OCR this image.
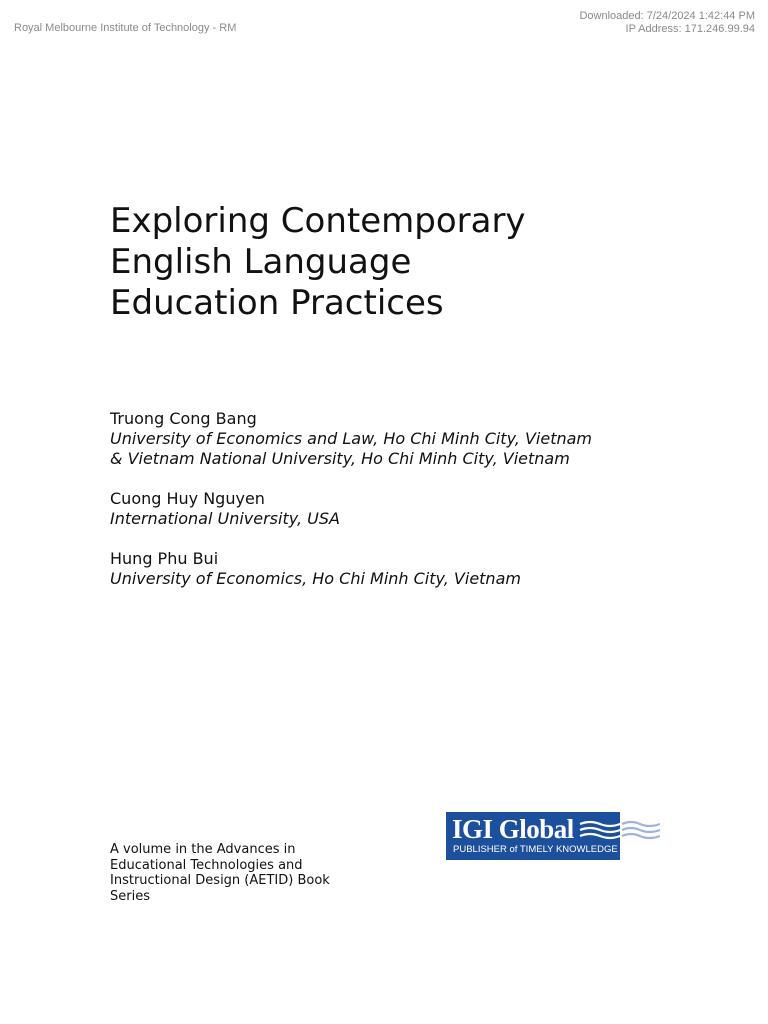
Royal Melbourne Institute of Technology - RM
Downloaded: 7/24/2024 1:42:44 PM
IP Address: 171.246.99.94
Exploring Contemporary
English Language
Education Practices
Truong Cong Bang
University of Economics and Law, Ho Chi Minh City, Vietnam
& Vietnam National University, Ho Chi Minh City, Vietnam
Cuong Huy Nguyen
International University, USA
Hung Phu Bui
University of Economics, Ho Chi Minh City, Vietnam
A volume in the Advances in
Educational Technologies and
Instructional Design (AETID) Book
Series
IGI Global
PUBLISHER of TIMELY KNOWLEDGE
